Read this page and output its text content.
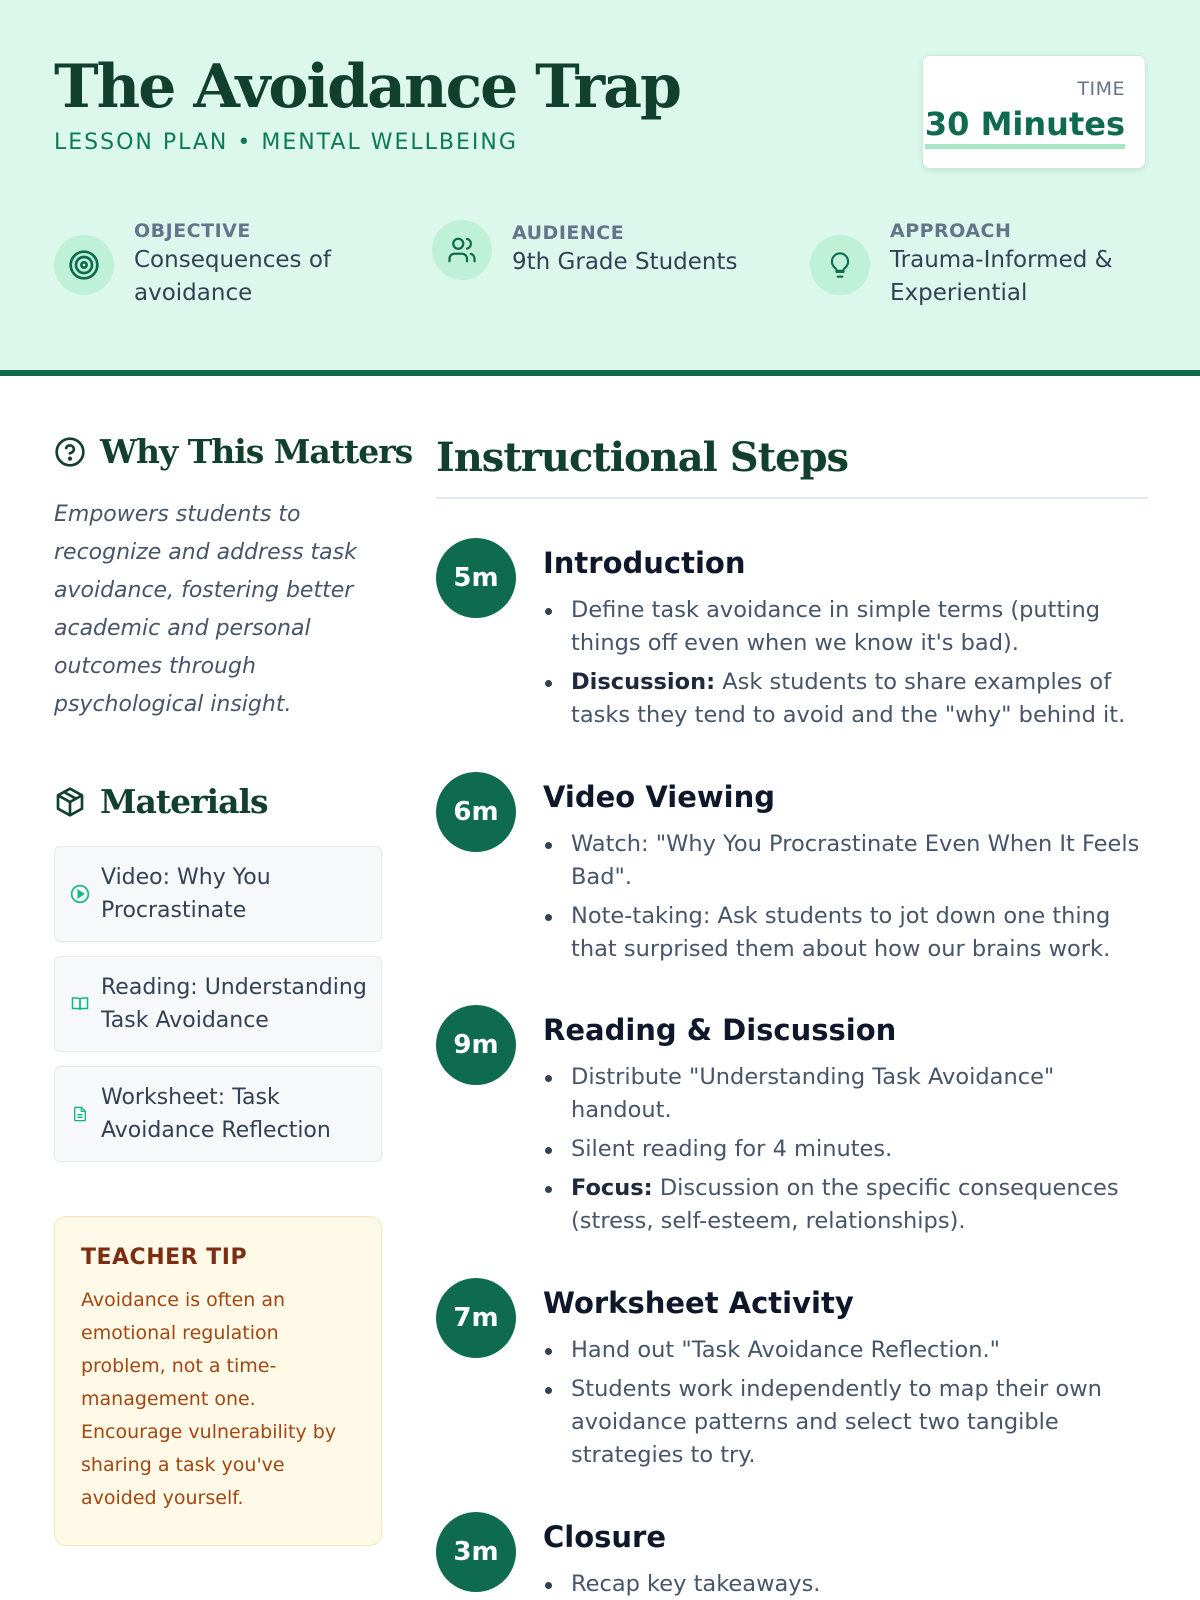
The Avoidance Trap
LESSON PLAN • MENTAL WELLBEING
TIME
30 Minutes
OBJECTIVE
Consequences of avoidance
AUDIENCE
9th Grade Students
APPROACH
Trauma-Informed & Experiential
Why This Matters
Empowers students to recognize and address task avoidance, fostering better academic and personal outcomes through psychological insight.
Materials
Video: Why You Procrastinate
Reading: Understanding Task Avoidance
Worksheet: Task Avoidance Reflection
TEACHER TIP
Avoidance is often an emotional regulation problem, not a time-management one. Encourage vulnerability by sharing a task you've avoided yourself.
Instructional Steps
5m	Introduction
Define task avoidance in simple terms (putting things off even when we know it's bad).
Discussion: Ask students to share examples of tasks they tend to avoid and the "why" behind it.
6m	Video Viewing
Watch: "Why You Procrastinate Even When It Feels Bad".
Note-taking: Ask students to jot down one thing that surprised them about how our brains work.
9m	Reading & Discussion
Distribute "Understanding Task Avoidance" handout.
Silent reading for 4 minutes.
Focus: Discussion on the specific consequences (stress, self-esteem, relationships).
7m	Worksheet Activity
Hand out "Task Avoidance Reflection."
Students work independently to map their own avoidance patterns and select two tangible strategies to try.
3m	Closure
Recap key takeaways.
